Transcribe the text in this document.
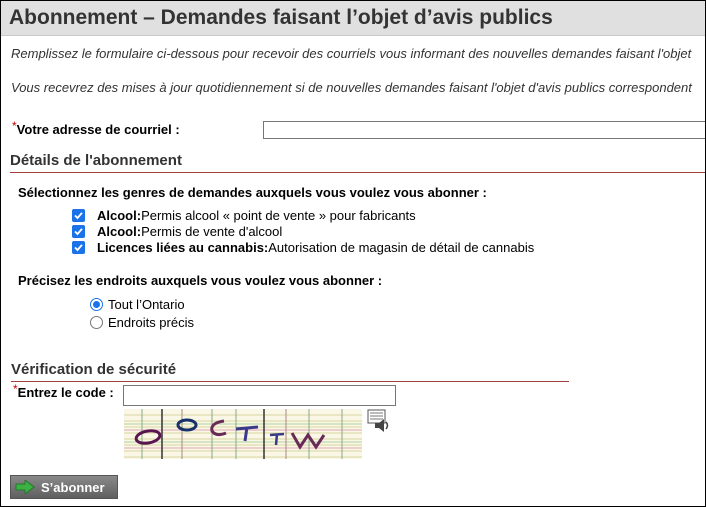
Abonnement – Demandes faisant l’objet d’avis publics
Remplissez le formulaire ci-dessous pour recevoir des courriels vous informant des nouvelles demandes faisant l'objet
Vous recevrez des mises à jour quotidiennement si de nouvelles demandes faisant l'objet d'avis publics correspondent
*Votre adresse de courriel :
Détails de l'abonnement
Sélectionnez les genres de demandes auxquels vous voulez vous abonner :
Alcool: Permis alcool « point de vente » pour fabricants
Alcool: Permis de vente d'alcool
Licences liées au cannabis: Autorisation de magasin de détail de cannabis
Précisez les endroits auxquels vous voulez vous abonner :
Tout l’Ontario
Endroits précis
Vérification de sécurité
*Entrez le code :
S’abonner
